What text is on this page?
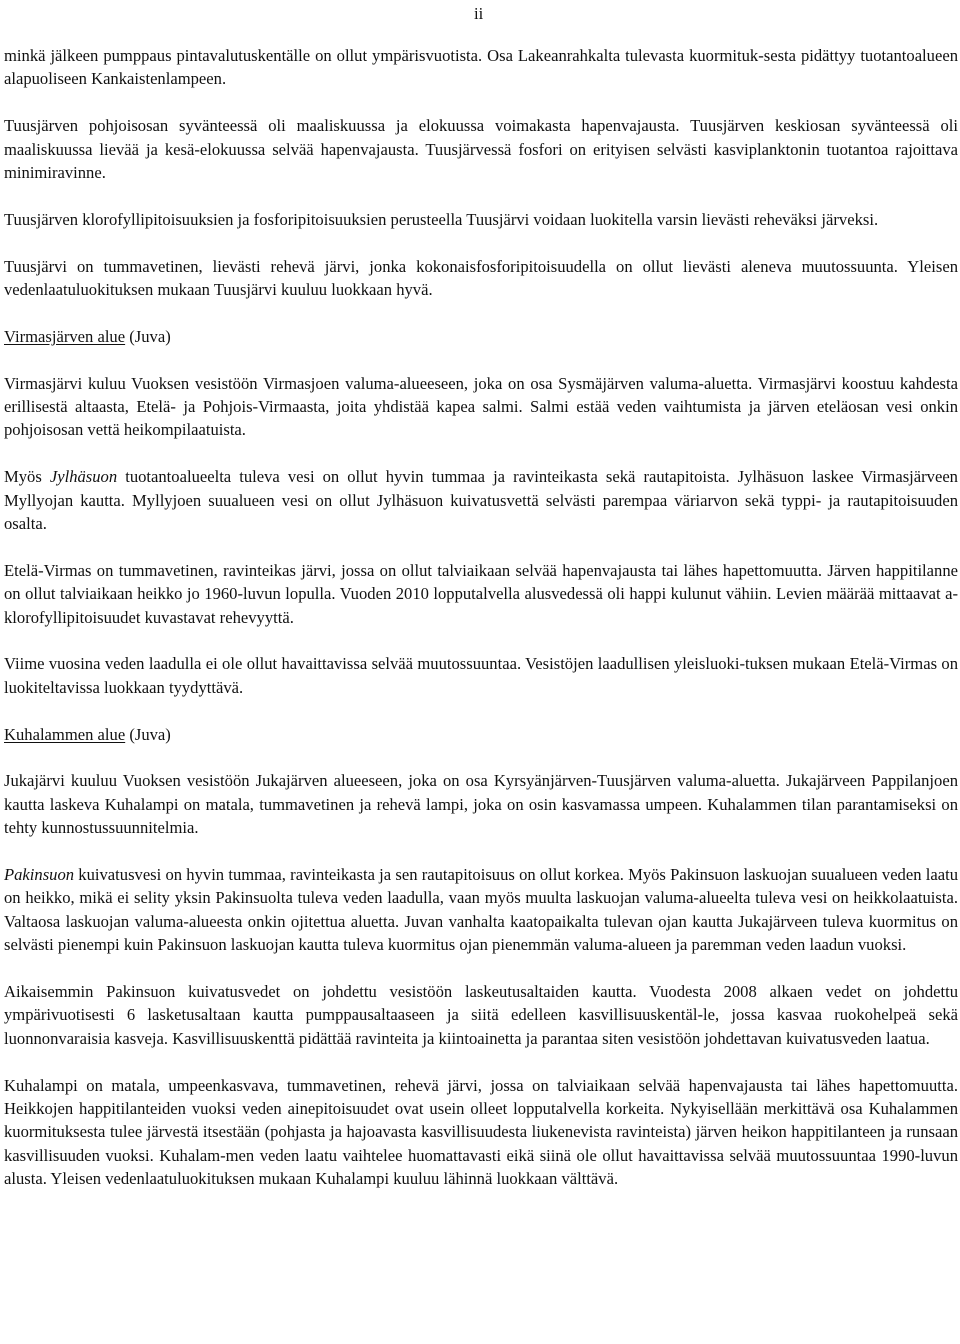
ii

minkä jälkeen pumppaus pintavalutuskentälle on ollut ympärisvuotista. Osa Lakeanrahkalta tulevasta kuormituk-sesta pidättyy tuotantoalueen alapuoliseen Kankaistenlampeen.

Tuusjärven pohjoisosan syvänteessä oli maaliskuussa ja elokuussa voimakasta hapenvajausta. Tuusjärven keskiosan syvänteessä oli maaliskuussa lievää ja kesä-elokuussa selvää hapenvajausta. Tuusjärvessä fosfori on erityisen selvästi kasviplanktonin tuotantoa rajoittava minimiravinne.

Tuusjärven klorofyllipitoisuuksien ja fosforipitoisuuksien perusteella Tuusjärvi voidaan luokitella varsin lievästi reheväksi järveksi.

Tuusjärvi on tummavetinen, lievästi rehevä järvi, jonka kokonaisfosforipitoisuudella on ollut lievästi aleneva muutossuunta. Yleisen vedenlaatuluokituksen mukaan Tuusjärvi kuuluu luokkaan hyvä.

Virmasjärven alue (Juva)

Virmasjärvi kuluu Vuoksen vesistöön Virmasjoen valuma-alueeseen, joka on osa Sysmäjärven valuma-aluetta. Virmasjärvi koostuu kahdesta erillisestä altaasta, Etelä- ja Pohjois-Virmaasta, joita yhdistää kapea salmi. Salmi estää veden vaihtumista ja järven eteläosan vesi onkin pohjoisosan vettä heikompilaatuista.

Myös Jylhäsuon tuotantoalueelta tuleva vesi on ollut hyvin tummaa ja ravinteikasta sekä rautapitoista. Jylhäsuon laskee Virmasjärveen Myllyojan kautta. Myllyjoen suualueen vesi on ollut Jylhäsuon kuivatusvettä selvästi parempaa väriarvon sekä typpi- ja rautapitoisuuden osalta.

Etelä-Virmas on tummavetinen, ravinteikas järvi, jossa on ollut talviaikaan selvää hapenvajausta tai lähes hapettomuutta. Järven happitilanne on ollut talviaikaan heikko jo 1960-luvun lopulla. Vuoden 2010 lopputalvella alusvedessä oli happi kulunut vähiin. Levien määrää mittaavat a-klorofyllipitoisuudet kuvastavat rehevyyttä.

Viime vuosina veden laadulla ei ole ollut havaittavissa selvää muutossuuntaa. Vesistöjen laadullisen yleisluoki-tuksen mukaan Etelä-Virmas on luokiteltavissa luokkaan tyydyttävä.

Kuhalammen alue (Juva)

Jukajärvi kuuluu Vuoksen vesistöön Jukajärven alueeseen, joka on osa Kyrsyänjärven-Tuusjärven valuma-aluetta. Jukajärveen Pappilanjoen kautta laskeva Kuhalampi on matala, tummavetinen ja rehevä lampi, joka on osin kasvamassa umpeen. Kuhalammen tilan parantamiseksi on tehty kunnostussuunnitelmia.

Pakinsuon kuivatusvesi on hyvin tummaa, ravinteikasta ja sen rautapitoisuus on ollut korkea. Myös Pakinsuon laskuojan suualueen veden laatu on heikko, mikä ei selity yksin Pakinsuolta tuleva veden laadulla, vaan myös muulta laskuojan valuma-alueelta tuleva vesi on heikkolaatuista. Valtaosa laskuojan valuma-alueesta onkin ojitettua aluetta. Juvan vanhalta kaatopaikalta tulevan ojan kautta Jukajärveen tuleva kuormitus on selvästi pienempi kuin Pakinsuon laskuojan kautta tuleva kuormitus ojan pienemmän valuma-alueen ja paremman veden laadun vuoksi.

Aikaisemmin Pakinsuon kuivatusvedet on johdettu vesistöön laskeutusaltaiden kautta. Vuodesta 2008 alkaen vedet on johdettu ympärivuotisesti 6 lasketusaltaan kautta pumppausaltaaseen ja siitä edelleen kasvillisuuskentäl-le, jossa kasvaa ruokohelpeä sekä luonnonvaraisia kasveja. Kasvillisuuskenttä pidättää ravinteita ja kiintoainetta ja parantaa siten vesistöön johdettavan kuivatusveden laatua.

Kuhalampi on matala, umpeenkasvava, tummavetinen, rehevä järvi, jossa on talviaikaan selvää hapenvajausta tai lähes hapettomuutta. Heikkojen happitilanteiden vuoksi veden ainepitoisuudet ovat usein olleet lopputalvella korkeita. Nykyisellään merkittävä osa Kuhalammen kuormituksesta tulee järvestä itsestään (pohjasta ja hajoavasta kasvillisuudesta liukenevista ravinteista) järven heikon happitilanteen ja runsaan kasvillisuuden vuoksi. Kuhalam-men veden laatu vaihtelee huomattavasti eikä siinä ole ollut havaittavissa selvää muutossuuntaa 1990-luvun alusta. Yleisen vedenlaatuluokituksen mukaan Kuhalampi kuuluu lähinnä luokkaan välttävä.
